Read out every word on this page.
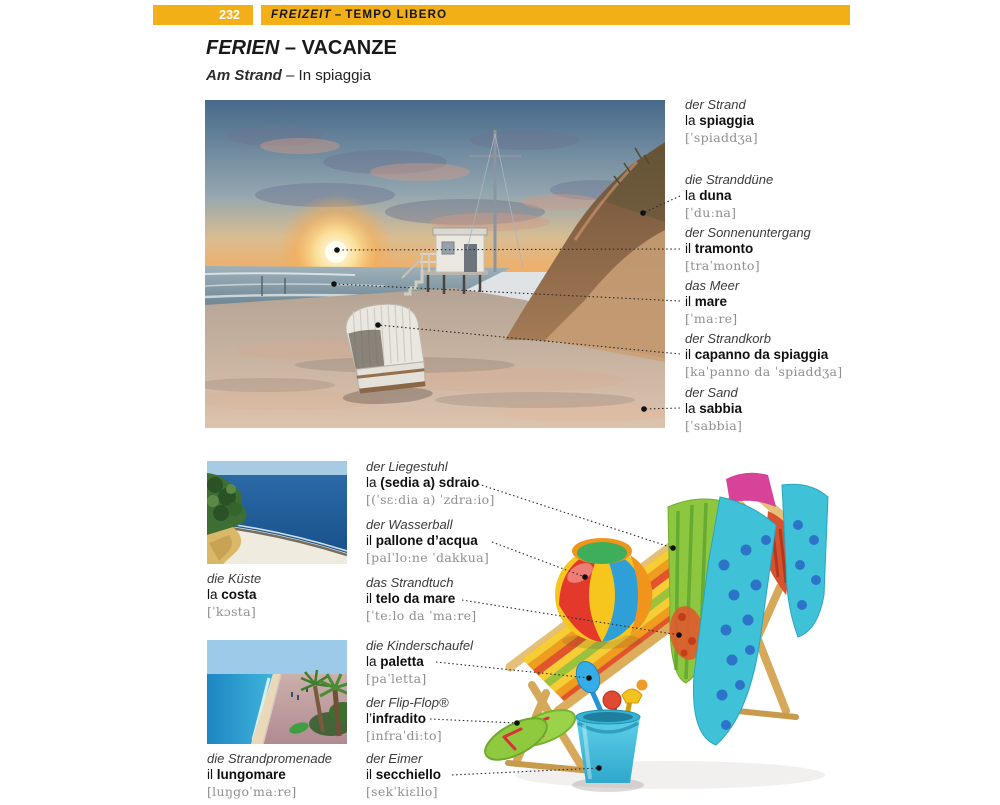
232	FREIZEIT – TEMPO LIBERO
FERIEN – VACANZE
Am Strand – In spiaggia
der Strand
la spiaggia
[ˈspiaddʒa]
die Stranddüne
la duna
[ˈduːna]
der Sonnenuntergang
il tramonto
[traˈmonto]
das Meer
il mare
[ˈmaːre]
der Strandkorb
il capanno da spiaggia
[kaˈpanno da ˈspiaddʒa]
der Sand
la sabbia
[ˈsabbia]
die Küste
la costa
[ˈkɔsta]
die Strandpromenade
il lungomare
[luŋgoˈmaːre]
der Liegestuhl
la (sedia a) sdraio
[(ˈsɛːdia a) ˈzdraːio]
der Wasserball
il pallone d’acqua
[palˈloːne ˈdakkua]
das Strandtuch
il telo da mare
[ˈteːlo da ˈmaːre]
die Kinderschaufel
la paletta
[paˈletta]
der Flip-Flop®
l’infradito
[infraˈdiːto]
der Eimer
il secchiello
[sekˈkiɛllo]
